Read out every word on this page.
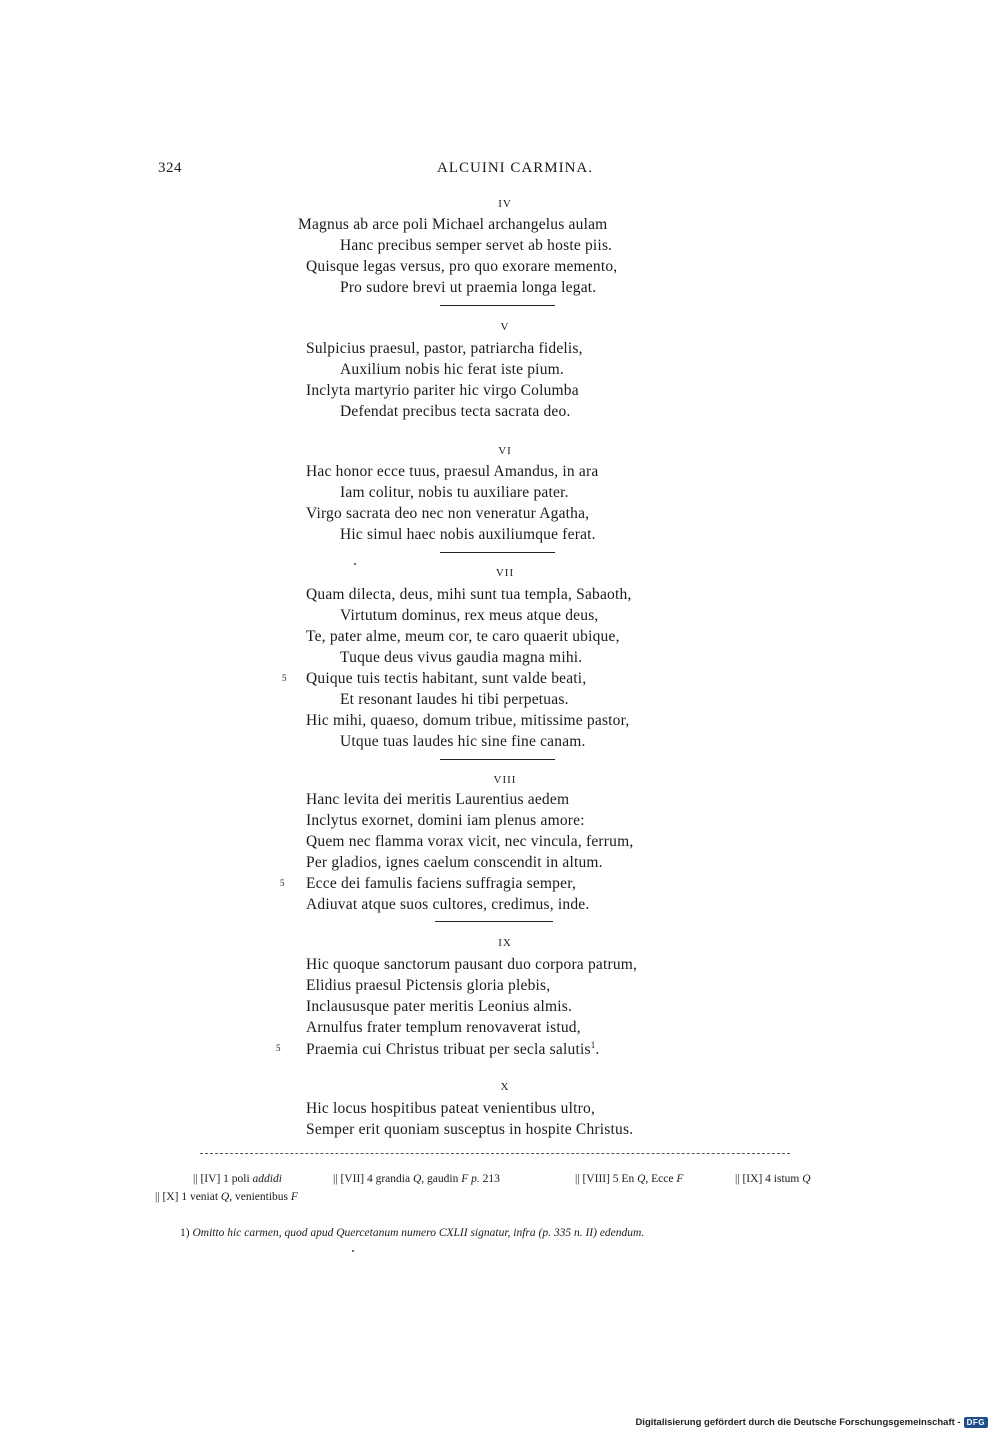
324	ALCUINI CARMINA.
IV
Magnus ab arce poli Michael archangelus aulam
Hanc precibus semper servet ab hoste piis.
Quisque legas versus, pro quo exorare memento,
Pro sudore brevi ut praemia longa legat.
V
Sulpicius praesul, pastor, patriarcha fidelis,
Auxilium nobis hic ferat iste pium.
Inclyta martyrio pariter hic virgo Columba
Defendat precibus tecta sacrata deo.
VI
Hac honor ecce tuus, praesul Amandus, in ara
Iam colitur, nobis tu auxiliare pater.
Virgo sacrata deo nec non veneratur Agatha,
Hic simul haec nobis auxiliumque ferat.
VII
Quam dilecta, deus, mihi sunt tua templa, Sabaoth,
Virtutum dominus, rex meus atque deus,
Te, pater alme, meum cor, te caro quaerit ubique,
Tuque deus vivus gaudia magna mihi.
5 Quique tuis tectis habitant, sunt valde beati,
Et resonant laudes hi tibi perpetuas.
Hic mihi, quaeso, domum tribue, mitissime pastor,
Utque tuas laudes hic sine fine canam.
VIII
Hanc levita dei meritis Laurentius aedem
Inclytus exornet, domini iam plenus amore:
Quem nec flamma vorax vicit, nec vincula, ferrum,
Per gladios, ignes caelum conscendit in altum.
5 Ecce dei famulis faciens suffragia semper,
Adiuvat atque suos cultores, credimus, inde.
IX
Hic quoque sanctorum pausant duo corpora patrum,
Elidius praesul Pictensis gloria plebis,
Inclaususque pater meritis Leonius almis.
Arnulfus frater templum renovaverat istud,
5 Praemia cui Christus tribuat per secla salutis$^1$.
X
Hic locus hospitibus pateat venientibus ultro,
Semper erit quoniam susceptus in hospite Christus.
|| [IV] 1 poli addidi	|| [VII] 4 grandia Q, gaudin F p. 213	|| [VIII] 5 En Q, Ecce F	|| [IX] 4 istum Q
|| [X] 1 veniat Q, venientibus F
1) Omitto hic carmen, quod apud Quercetanum numero CXLII signatur, infra (p. 335 n. II) edendum.
Digitalisierung gefördert durch die Deutsche Forschungsgemeinschaft - DFG
